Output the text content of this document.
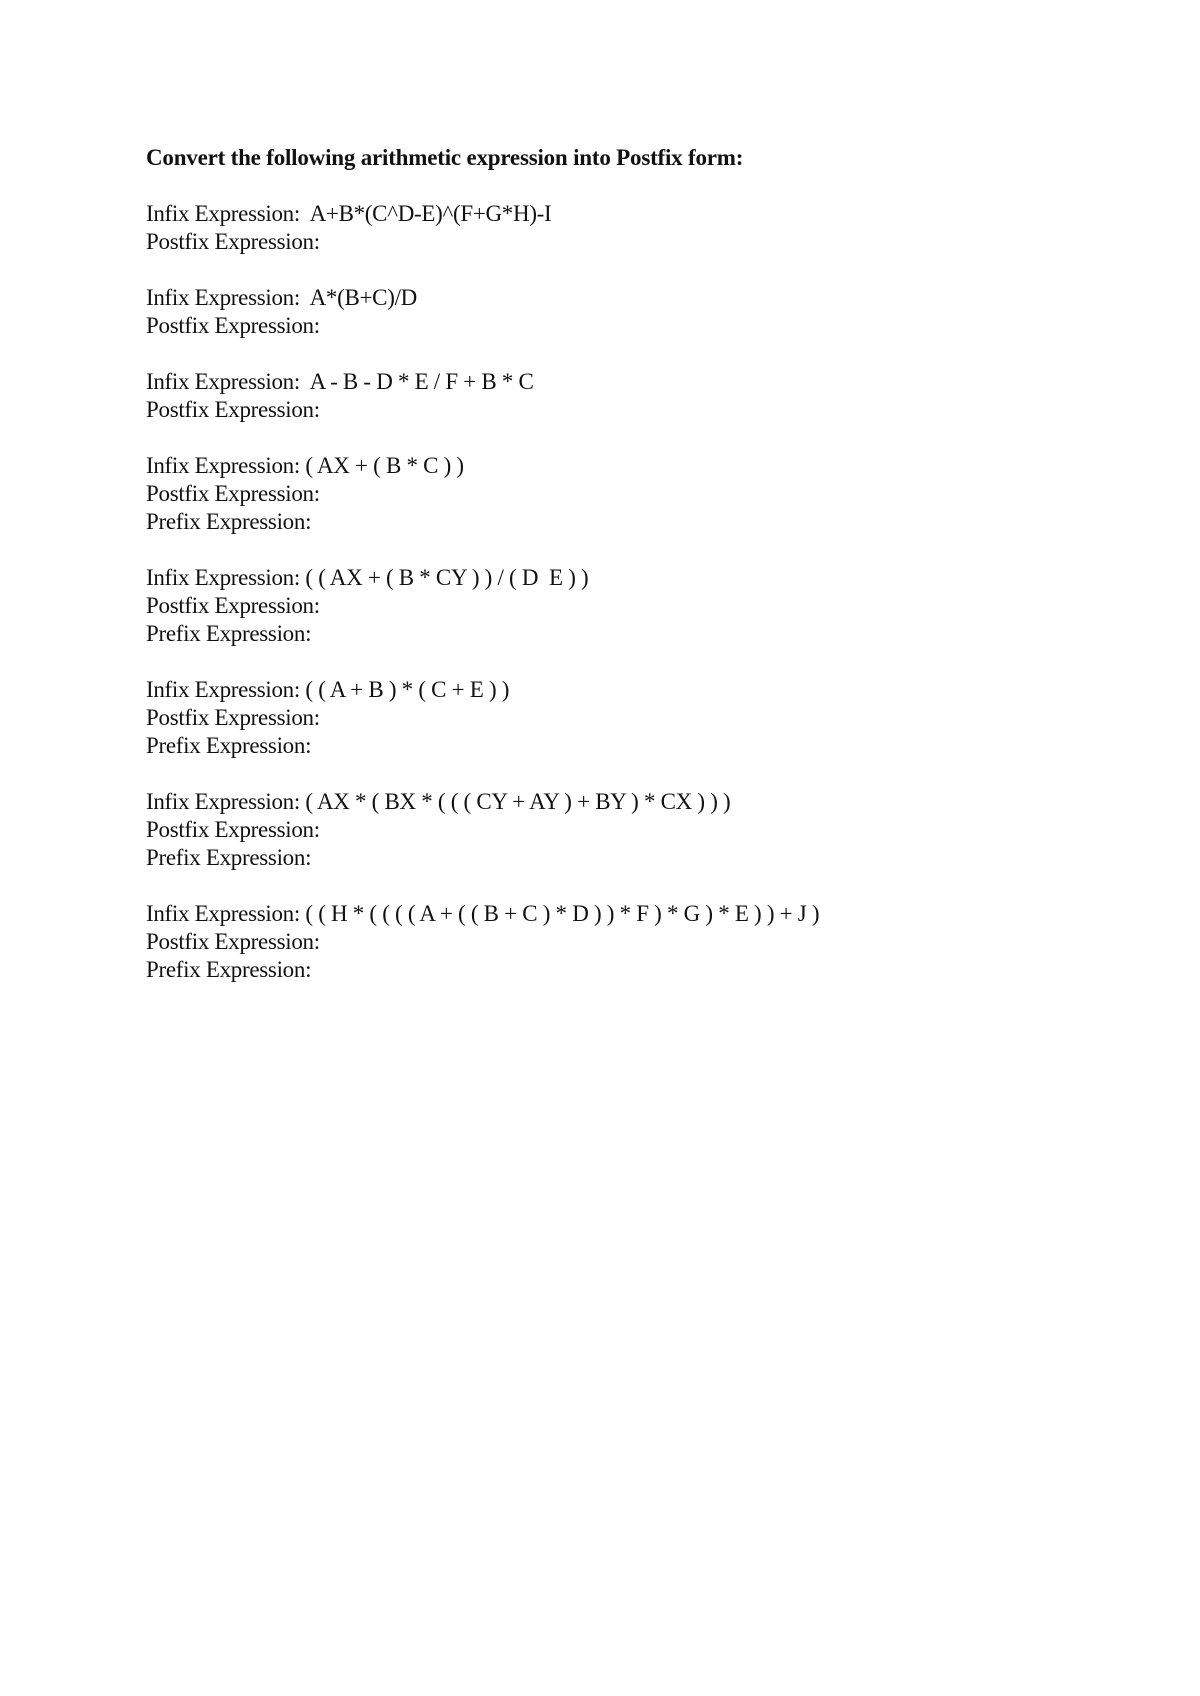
Convert the following arithmetic expression into Postfix form:
Infix Expression:  A+B*(C^D-E)^(F+G*H)-I
Postfix Expression:
Infix Expression:  A*(B+C)/D
Postfix Expression:
Infix Expression:  A - B - D * E / F + B * C
Postfix Expression:
Infix Expression: ( AX + ( B * C ) )
Postfix Expression:
Prefix Expression:
Infix Expression: ( ( AX + ( B * CY ) ) / ( D  E ) )
Postfix Expression:
Prefix Expression:
Infix Expression: ( ( A + B ) * ( C + E ) )
Postfix Expression:
Prefix Expression:
Infix Expression: ( AX * ( BX * ( ( ( CY + AY ) + BY ) * CX ) ) )
Postfix Expression:
Prefix Expression:
Infix Expression: ( ( H * ( ( ( ( A + ( ( B + C ) * D ) ) * F ) * G ) * E ) ) + J )
Postfix Expression:
Prefix Expression:
